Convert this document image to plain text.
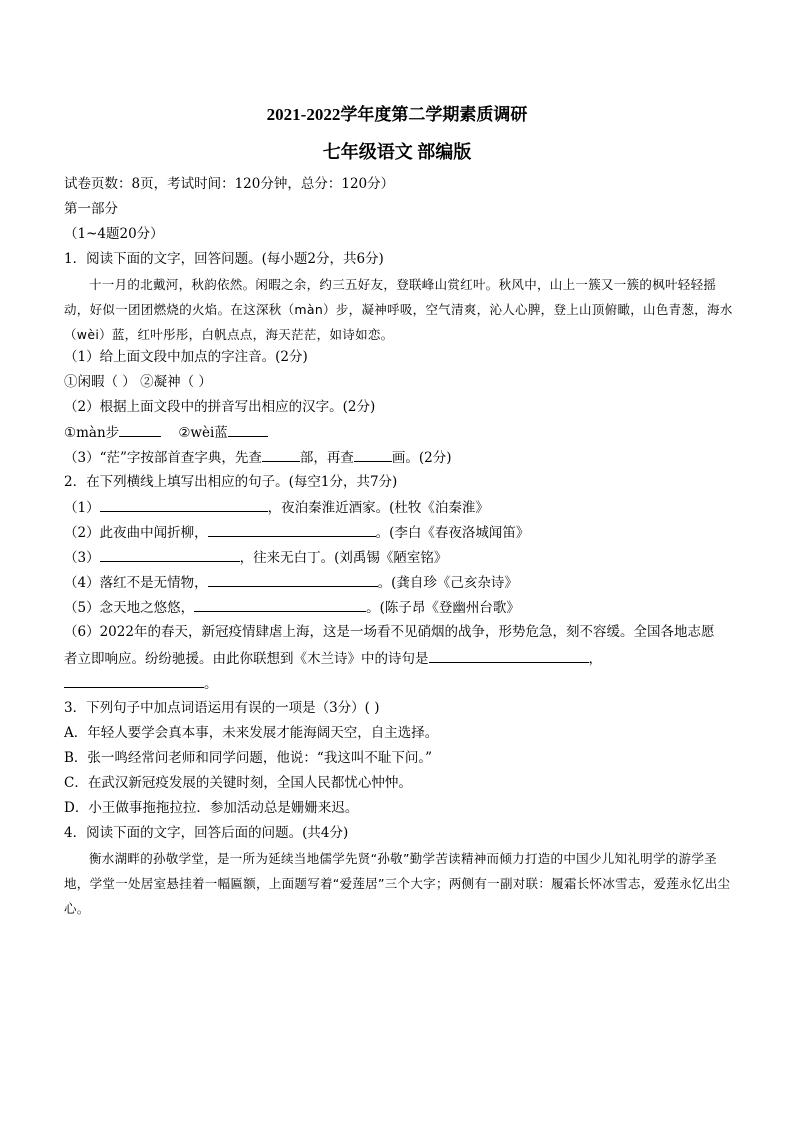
2021-2022学年度第二学期素质调研
七年级语文 部编版
试卷页数：8页，考试时间：120分钟，总分：120分）
第一部分
（1~4题20分）
1．阅读下面的文字，回答问题。(每小题2分，共6分)
十一月的北戴河，秋韵依然。闲暇之余，约三五好友，登联峰山赏红叶。秋风中，山上一簇又一簇的枫叶轻轻摇动，好似一团团燃烧的火焰。在这深秋（màn）步，凝神呼吸，空气清爽，沁人心脾，登上山顶俯瞰，山色青葱，海水（wèi）蓝，红叶彤彤，白帆点点，海天茫茫，如诗如恋。
（1）给上面文段中加点的字注音。(2分)
①闲暇（ ） ②凝神（ ）
（2）根据上面文段中的拼音写出相应的汉字。(2分)
①màn步	②wèi蓝
（3）“茫”字按部首查字典，先查	部，再查	画。(2分)
2．在下列横线上填写出相应的句子。(每空1分，共7分)
（1）	，夜泊秦淮近酒家。(杜牧《泊秦淮》
（2）此夜曲中闻折柳，	。(李白《春夜洛城闻笛》
（3）	，往来无白丁。(刘禹锡《陋室铭》
（4）落红不是无情物，	。(龚自珍《己亥杂诗》
（5）念天地之悠悠，	。(陈子昂《登幽州台歌》
（6）2022年的春天，新冠疫情肆虐上海，这是一场看不见硝烟的战争，形势危急，刻不容缓。全国各地志愿
者立即响应。纷纷驰援。由此你联想到《木兰诗》中的诗句是	，
。
3．下列句子中加点词语运用有误的一项是（3分）( )
A．年轻人要学会真本事，未来发展才能海阔天空，自主选择。
B．张一鸣经常问老师和同学问题，他说：“我这叫不耻下问。”
C．在武汉新冠疫发展的关键时刻，全国人民都忧心忡忡。
D．小王做事拖拖拉拉．参加活动总是姗姗来迟。
4．阅读下面的文字，回答后面的问题。(共4分)
衡水湖畔的孙敬学堂，是一所为延续当地儒学先贤“孙敬”勤学苦读精神而倾力打造的中国少儿知礼明学的游学圣地，学堂一处居室悬挂着一幅匾额，上面题写着“爱莲居”三个大字；两侧有一副对联：履霜长怀冰雪志，爱莲永忆出尘心。
